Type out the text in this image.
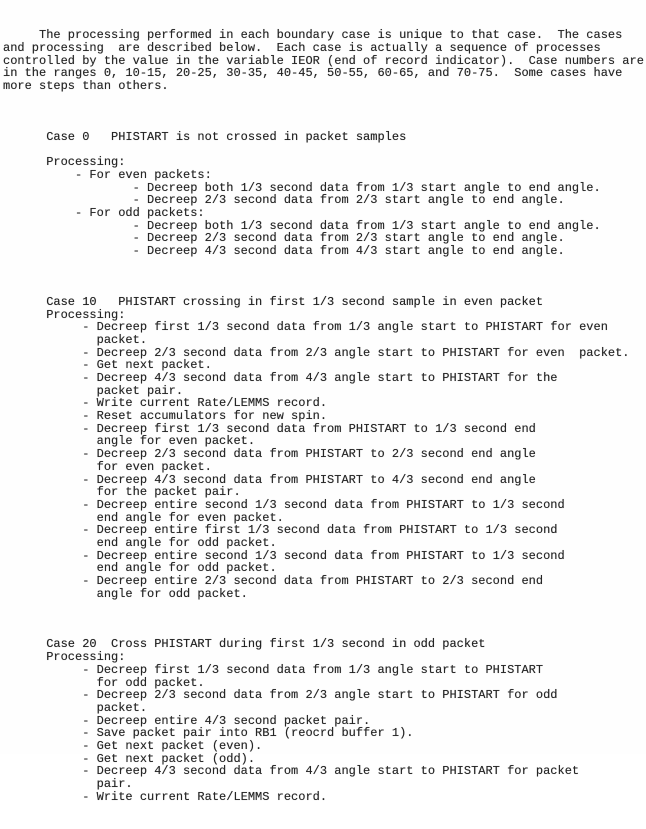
The processing performed in each boundary case is unique to that case.  The cases
and processing  are described below.  Each case is actually a sequence of processes
controlled by the value in the variable IEOR (end of record indicator).  Case numbers are
in the ranges 0, 10-15, 20-25, 30-35, 40-45, 50-55, 60-65, and 70-75.  Some cases have
more steps than others.

Case 0   PHISTART is not crossed in packet samples

Processing:
- For even packets:
- Decreep both 1/3 second data from 1/3 start angle to end angle.
- Decreep 2/3 second data from 2/3 start angle to end angle.
- For odd packets:
- Decreep both 1/3 second data from 1/3 start angle to end angle.
- Decreep 2/3 second data from 2/3 start angle to end angle.
- Decreep 4/3 second data from 4/3 start angle to end angle.

Case 10   PHISTART crossing in first 1/3 second sample in even packet
Processing:
- Decreep first 1/3 second data from 1/3 angle start to PHISTART for even
packet.
- Decreep 2/3 second data from 2/3 angle start to PHISTART for even  packet.
- Get next packet.
- Decreep 4/3 second data from 4/3 angle start to PHISTART for the
packet pair.
- Write current Rate/LEMMS record.
- Reset accumulators for new spin.
- Decreep first 1/3 second data from PHISTART to 1/3 second end
angle for even packet.
- Decreep 2/3 second data from PHISTART to 2/3 second end angle
for even packet.
- Decreep 4/3 second data from PHISTART to 4/3 second end angle
for the packet pair.
- Decreep entire second 1/3 second data from PHISTART to 1/3 second
end angle for even packet.
- Decreep entire first 1/3 second data from PHISTART to 1/3 second
end angle for odd packet.
- Decreep entire second 1/3 second data from PHISTART to 1/3 second
end angle for odd packet.
- Decreep entire 2/3 second data from PHISTART to 2/3 second end
angle for odd packet.

Case 20  Cross PHISTART during first 1/3 second in odd packet
Processing:
- Decreep first 1/3 second data from 1/3 angle start to PHISTART
for odd packet.
- Decreep 2/3 second data from 2/3 angle start to PHISTART for odd
packet.
- Decreep entire 4/3 second packet pair.
- Save packet pair into RB1 (reocrd buffer 1).
- Get next packet (even).
- Get next packet (odd).
- Decreep 4/3 second data from 4/3 angle start to PHISTART for packet
pair.
- Write current Rate/LEMMS record.
